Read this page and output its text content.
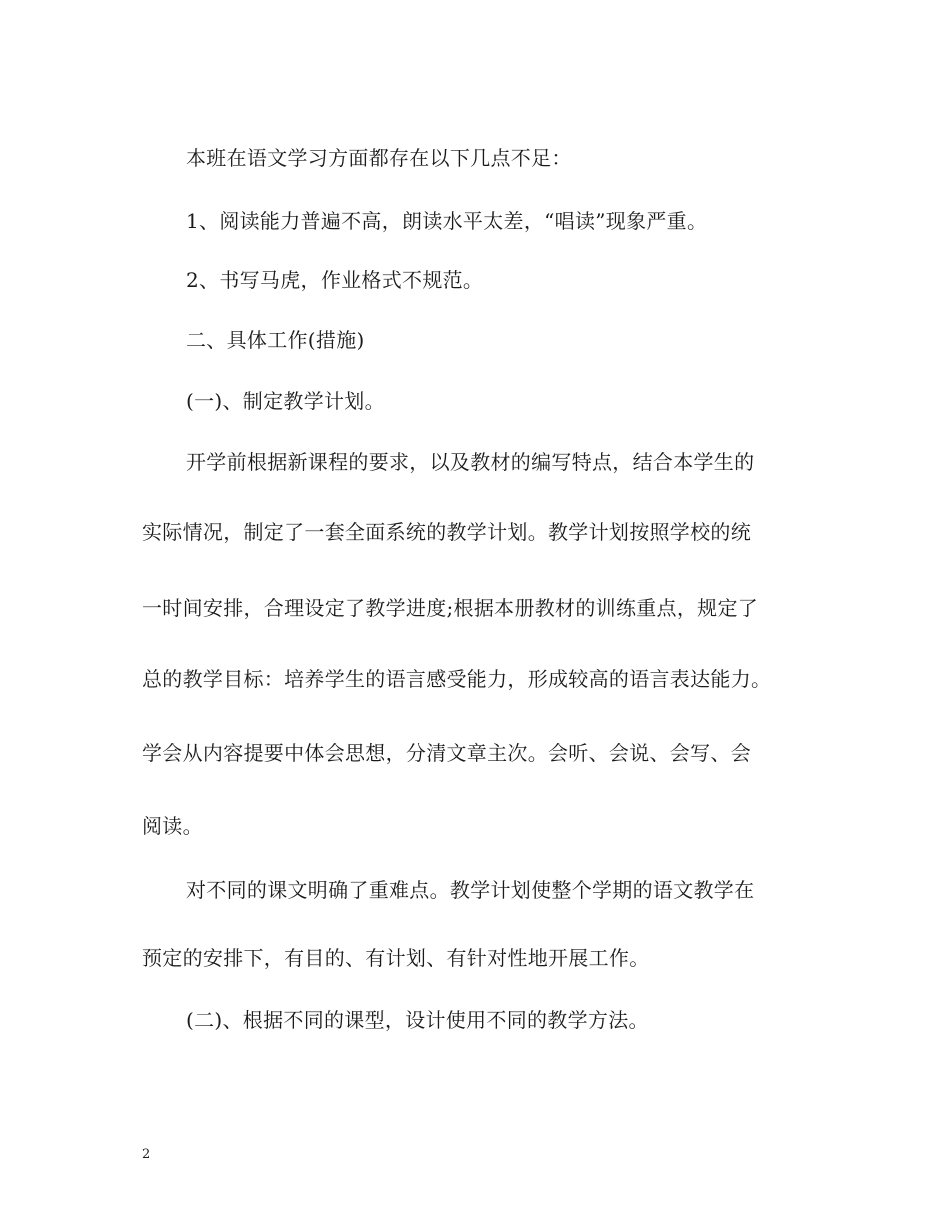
本班在语文学习方面都存在以下几点不足：
1、阅读能力普遍不高，朗读水平太差，“唱读”现象严重。
2、书写马虎，作业格式不规范。
二、具体工作(措施)
(一)、制定教学计划。
开学前根据新课程的要求，以及教材的编写特点，结合本学生的
实际情况，制定了一套全面系统的教学计划。教学计划按照学校的统
一时间安排，合理设定了教学进度;根据本册教材的训练重点，规定了
总的教学目标：培养学生的语言感受能力，形成较高的语言表达能力。
学会从内容提要中体会思想，分清文章主次。会听、会说、会写、会
阅读。
对不同的课文明确了重难点。教学计划使整个学期的语文教学在
预定的安排下，有目的、有计划、有针对性地开展工作。
(二)、根据不同的课型，设计使用不同的教学方法。
2
